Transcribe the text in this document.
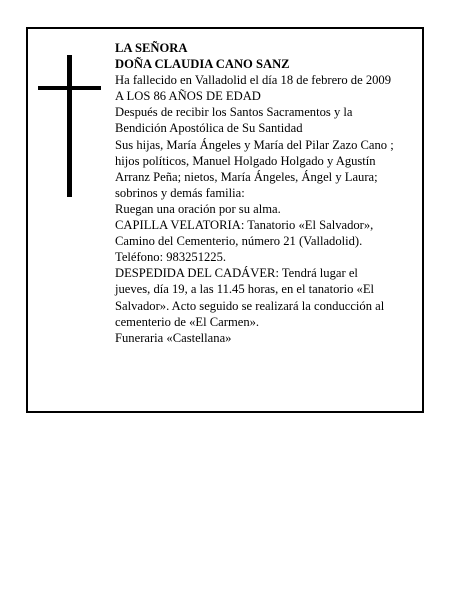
LA SEÑORA
DOÑA CLAUDIA CANO SANZ
Ha fallecido en Valladolid el día 18 de febrero de 2009
A LOS 86 AÑOS DE EDAD
Después de recibir los Santos Sacramentos y la
Bendición Apostólica de Su Santidad
Sus hijas, María Ángeles y María del Pilar Zazo Cano ;
hijos políticos, Manuel Holgado Holgado y Agustín
Arranz Peña; nietos, María Ángeles, Ángel y Laura;
sobrinos y demás familia:
Ruegan una oración por su alma.
CAPILLA VELATORIA: Tanatorio «El Salvador»,
Camino del Cementerio, número 21 (Valladolid).
Teléfono: 983251225.
DESPEDIDA DEL CADÁVER: Tendrá lugar el
jueves, día 19, a las 11.45 horas, en el tanatorio «El
Salvador». Acto seguido se realizará la conducción al
cementerio de «El Carmen».
Funeraria «Castellana»
